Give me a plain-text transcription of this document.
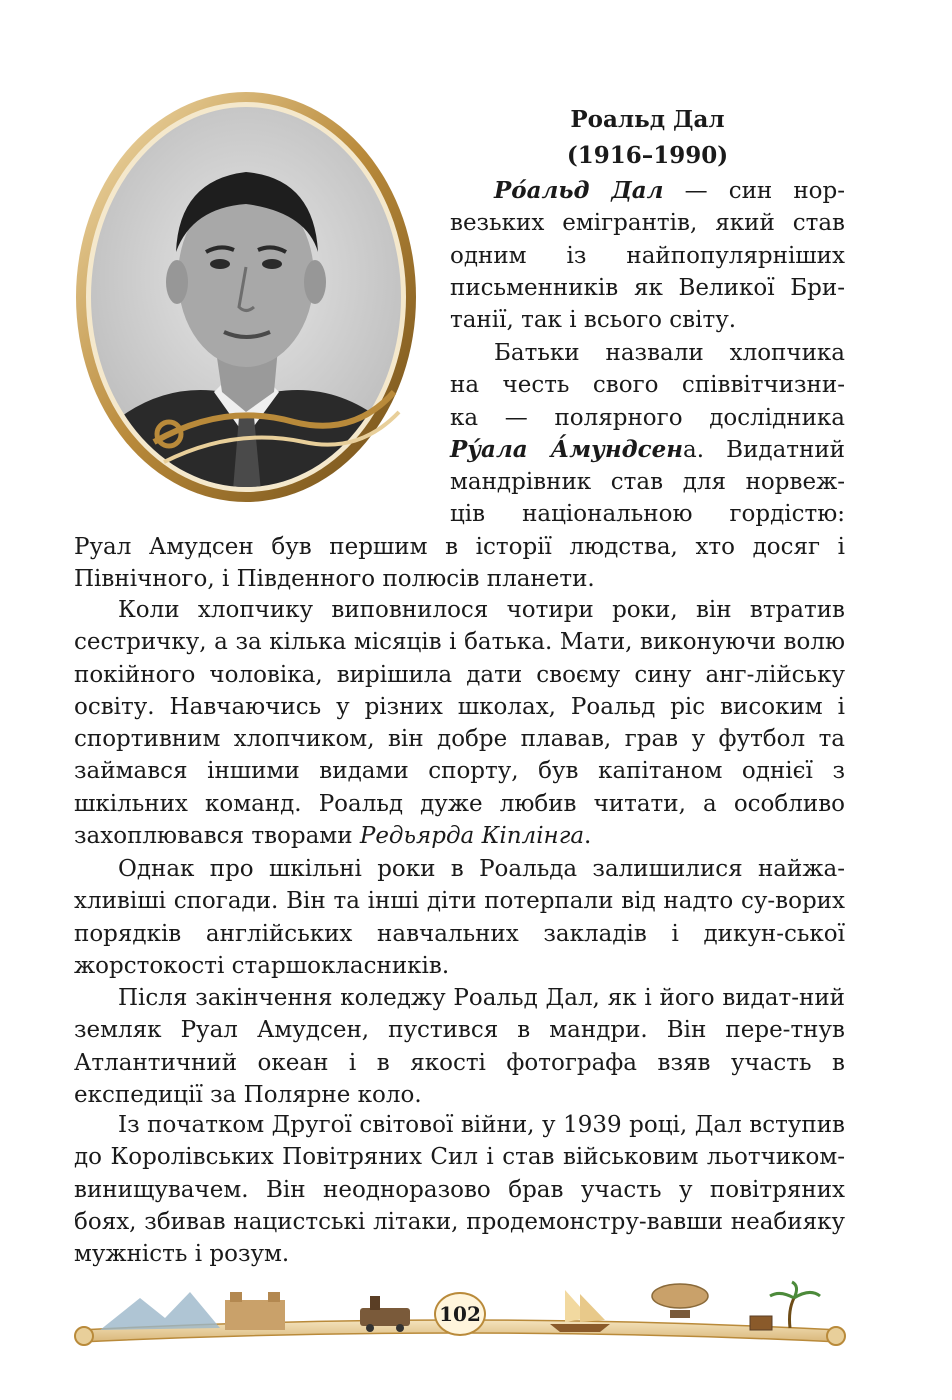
Роальд Дал
(1916–1990)
Ро́альд Дал — син нор-
везьких емігрантів, який став
одним із найпопулярніших
письменників як Великої Бри-
танії, так і всього світу.
Батьки назвали хлопчика
на честь свого співвітчизни-
ка — полярного дослідника
Ру́ала А́мундсена. Видатний
мандрівник став для норвеж-
ців національною гордістю:

Руал Амудсен був першим в історії людства, хто досяг і Північного, і Південного полюсів планети.

Коли хлопчику виповнилося чотири роки, він втратив сестричку, а за кілька місяців і батька. Мати, виконуючи волю покійного чоловіка, вирішила дати своєму сину анг-лійську освіту. Навчаючись у різних школах, Роальд ріс високим і спортивним хлопчиком, він добре плавав, грав у футбол та займався іншими видами спорту, був капітаном однієї з шкільних команд. Роальд дуже любив читати, а особливо захоплювався творами Редьярда Кіплінга.

Однак про шкільні роки в Роальда залишилися найжа-хливіші спогади. Він та інші діти потерпали від надто су-ворих порядків англійських навчальних закладів і дикун-ської жорстокості старшокласників.

Після закінчення коледжу Роальд Дал, як і його видат-ний земляк Руал Амудсен, пустився в мандри. Він пере-тнув Атлантичний океан і в якості фотографа взяв участь в експедиції за Полярне коло.

Із початком Другої світової війни, у 1939 році, Дал вступив до Королівських Повітряних Сил і став військовим льотчиком-винищувачем. Він неодноразово брав участь у повітряних боях, збивав нацистські літаки, продемонстру-вавши неабияку мужність і розум.

102
